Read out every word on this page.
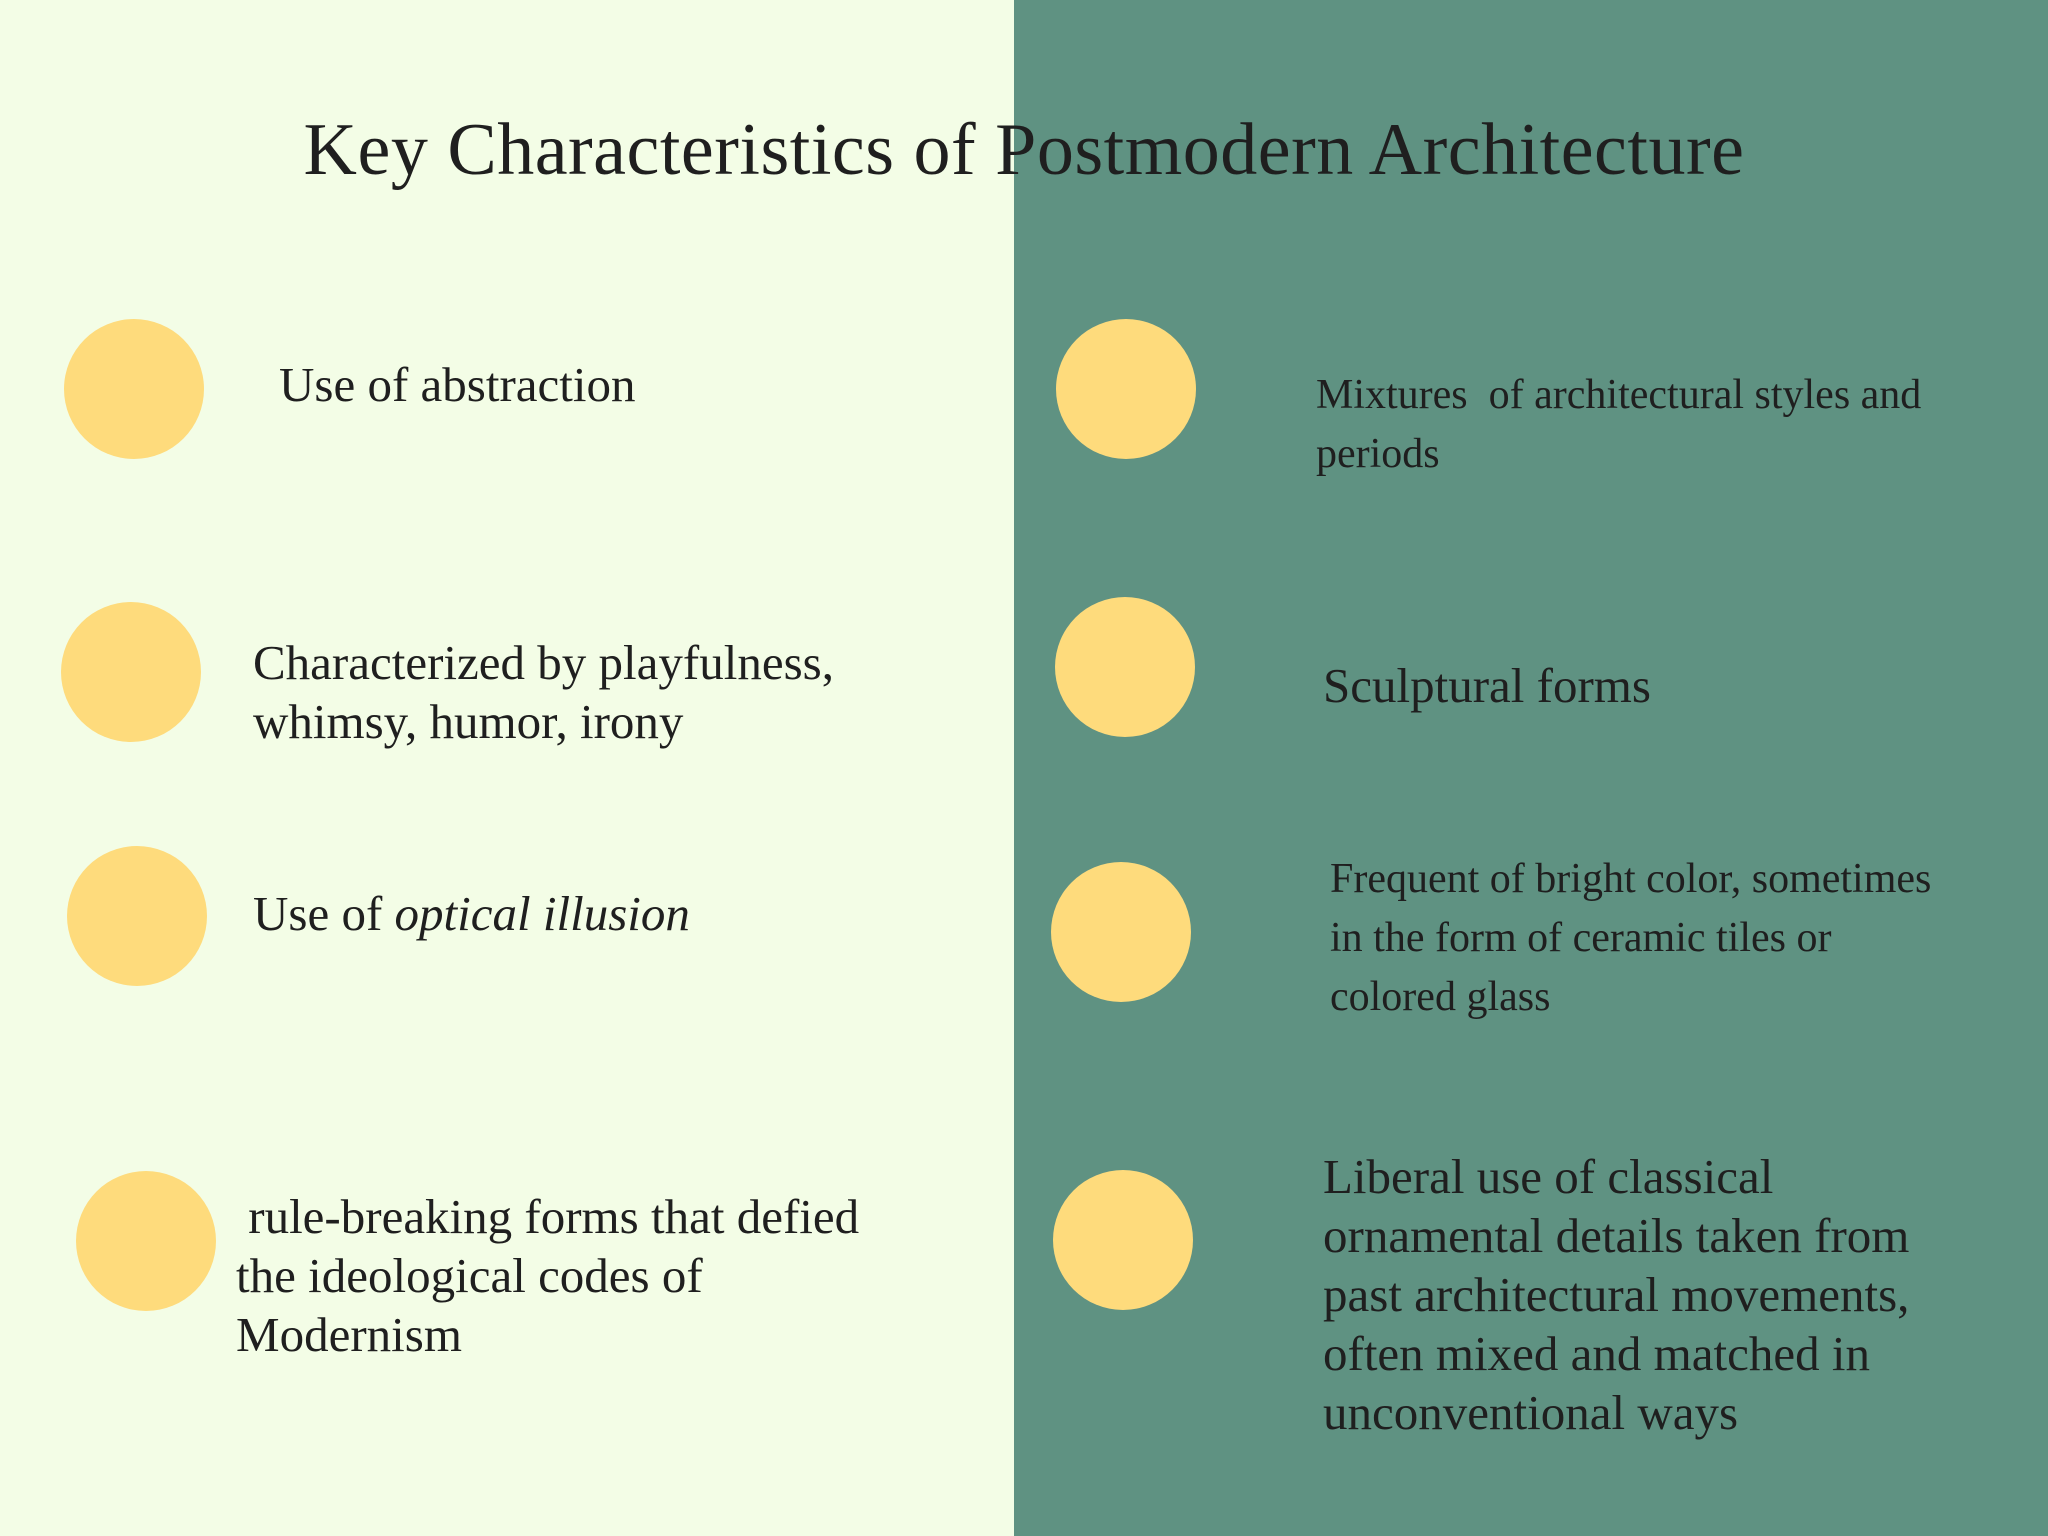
Key Characteristics of Postmodern Architecture
Use of abstraction
Characterized by playfulness,
whimsy, humor, irony
Use of optical illusion
rule-breaking forms that defied
the ideological codes of
Modernism
Mixtures  of architectural styles and
periods
Sculptural forms
Frequent of bright color, sometimes
in the form of ceramic tiles or
colored glass
Liberal use of classical
ornamental details taken from
past architectural movements,
often mixed and matched in
unconventional ways
